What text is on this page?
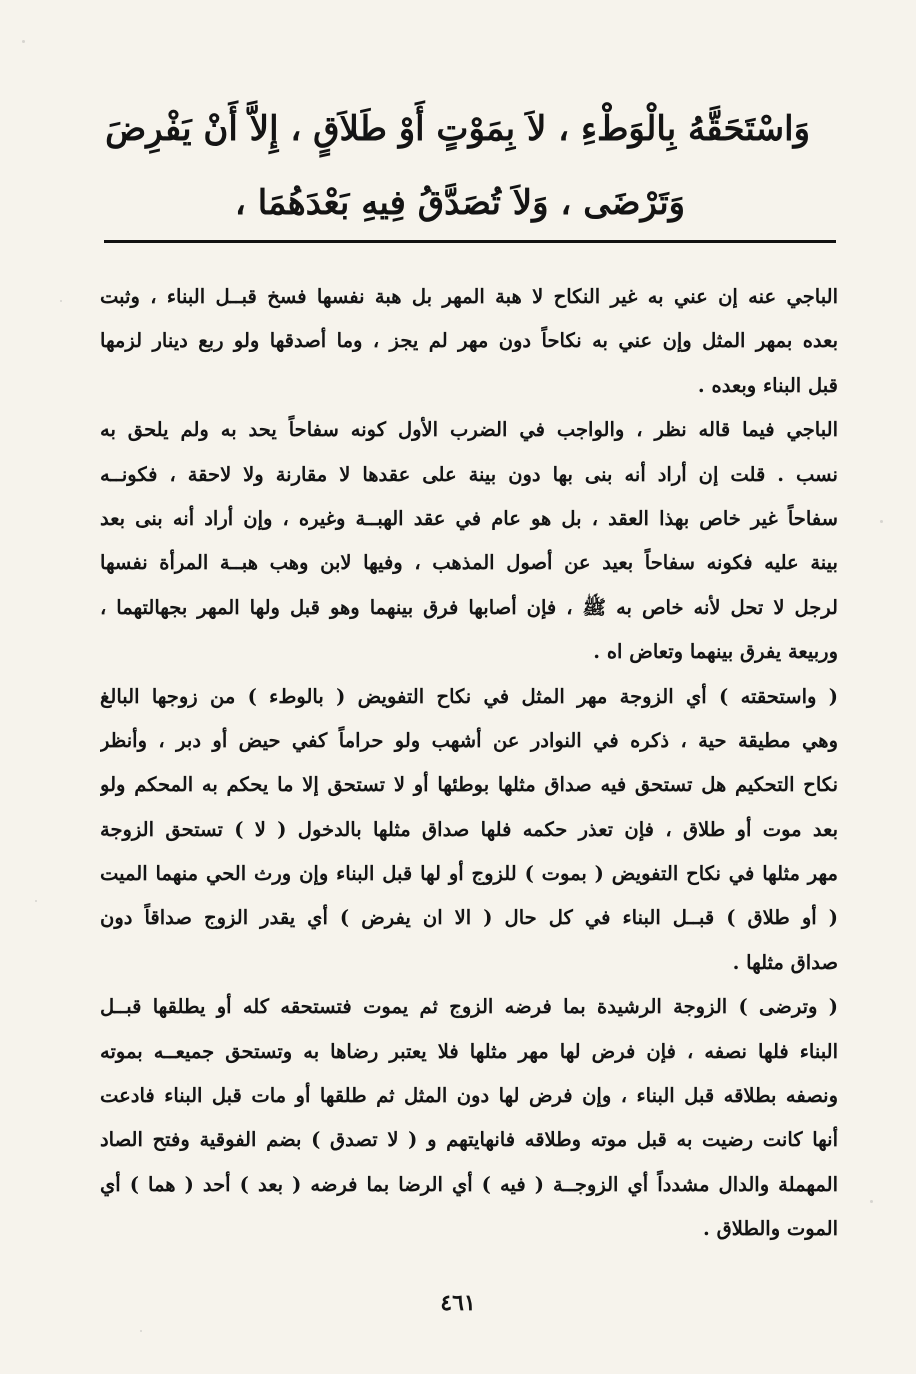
وَاسْتَحَقَّهُ بِالْوَطْءِ ، لاَ بِمَوْتٍ أَوْ طَلاَقٍ ، إِلاَّ أَنْ يَفْرِضَ
وَتَرْضَى ، وَلاَ تُصَدَّقُ فِيهِ بَعْدَهُمَا ،
الباجي عنه إن عني به غير النكاح لا هبة المهر بل هبة نفسها فسخ قبــل البناء ، وثبت
بعده بمهر المثل وإن عني به نكاحاً دون مهر لم يجز ، وما أصدقها ولو ربع دينار لزمها
قبل البناء وبعده .
الباجي فيما قاله نظر ، والواجب في الضرب الأول كونه سفاحاً يحد به ولم يلحق به
نسب . قلت إن أراد أنه بنى بها دون بينة على عقدها لا مقارنة ولا لاحقة ، فكونــه
سفاحاً غير خاص بهذا العقد ، بل هو عام في عقد الهبــة وغيره ، وإن أراد أنه بنى بعد
بينة عليه فكونه سفاحاً بعيد عن أصول المذهب ، وفيها لابن وهب هبــة المرأة نفسها
لرجل لا تحل لأنه خاص به ﷺ ، فإن أصابها فرق بينهما وهو قبل ولها المهر بجهالتهما ،
وربيعة يفرق بينهما وتعاض اه .
( واستحقته ) أي الزوجة مهر المثل في نكاح التفويض ( بالوطء ) من زوجها البالغ
وهي مطيقة حية ، ذكره في النوادر عن أشهب ولو حراماً كفي حيض أو دبر ، وأنظر
نكاح التحكيم هل تستحق فيه صداق مثلها بوطئها أو لا تستحق إلا ما يحكم به المحكم ولو
بعد موت أو طلاق ، فإن تعذر حكمه فلها صداق مثلها بالدخول ( لا ) تستحق الزوجة
مهر مثلها في نكاح التفويض ( بموت ) للزوج أو لها قبل البناء وإن ورث الحي منهما الميت
( أو طلاق ) قبــل البناء في كل حال ( الا ان يفرض ) أي يقدر الزوج صداقاً دون
صداق مثلها .
( وترضى ) الزوجة الرشيدة بما فرضه الزوج ثم يموت فتستحقه كله أو يطلقها قبــل
البناء فلها نصفه ، فإن فرض لها مهر مثلها فلا يعتبر رضاها به وتستحق جميعــه بموته
ونصفه بطلاقه قبل البناء ، وإن فرض لها دون المثل ثم طلقها أو مات قبل البناء فادعت
أنها كانت رضيت به قبل موته وطلاقه فانهايتهم و ( لا تصدق ) بضم الفوقية وفتح الصاد
المهملة والدال مشدداً أي الزوجــة ( فيه ) أي الرضا بما فرضه ( بعد ) أحد ( هما ) أي
الموت والطلاق .
٤٦١
